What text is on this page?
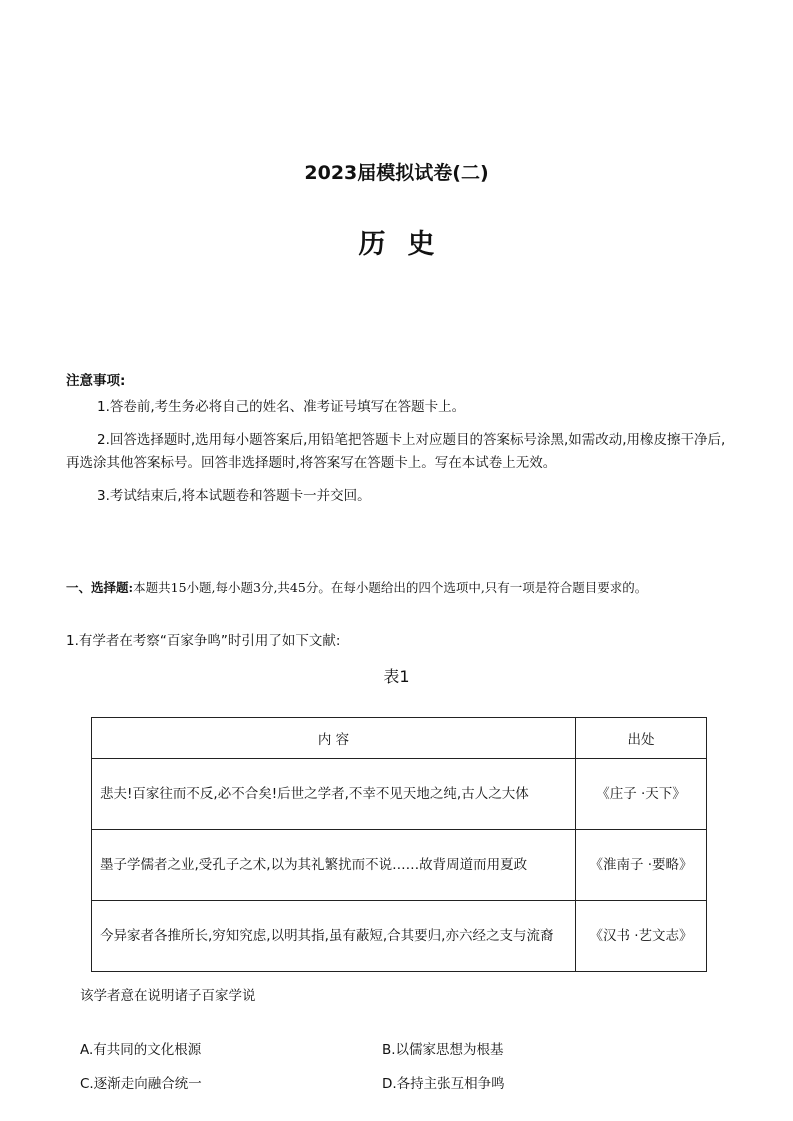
2023届模拟试卷(二)
历史
注意事项:
1.答卷前,考生务必将自己的姓名、准考证号填写在答题卡上。
2.回答选择题时,选用每小题答案后,用铅笔把答题卡上对应题目的答案标号涂黑,如需改动,用橡皮擦干净后,再选涂其他答案标号。回答非选择题时,将答案写在答题卡上。写在本试卷上无效。
3.考试结束后,将本试题卷和答题卡一并交回。
一、选择题:本题共15小题,每小题3分,共45分。在每小题给出的四个选项中,只有一项是符合题目要求的。
1.有学者在考察“百家争鸣”时引用了如下文献:
表1
内 容	出处
悲夫!百家往而不反,必不合矣!后世之学者,不幸不见天地之纯,古人之大体	《庄子 ·天下》
墨子学儒者之业,受孔子之术,以为其礼繁扰而不说……故背周道而用夏政	《淮南子 ·要略》
今异家者各推所长,穷知究虑,以明其指,虽有蔽短,合其要归,亦六经之支与流裔	《汉书 ·艺文志》
该学者意在说明诸子百家学说
A.有共同的文化根源	B.以儒家思想为根基
C.逐渐走向融合统一	D.各持主张互相争鸣
